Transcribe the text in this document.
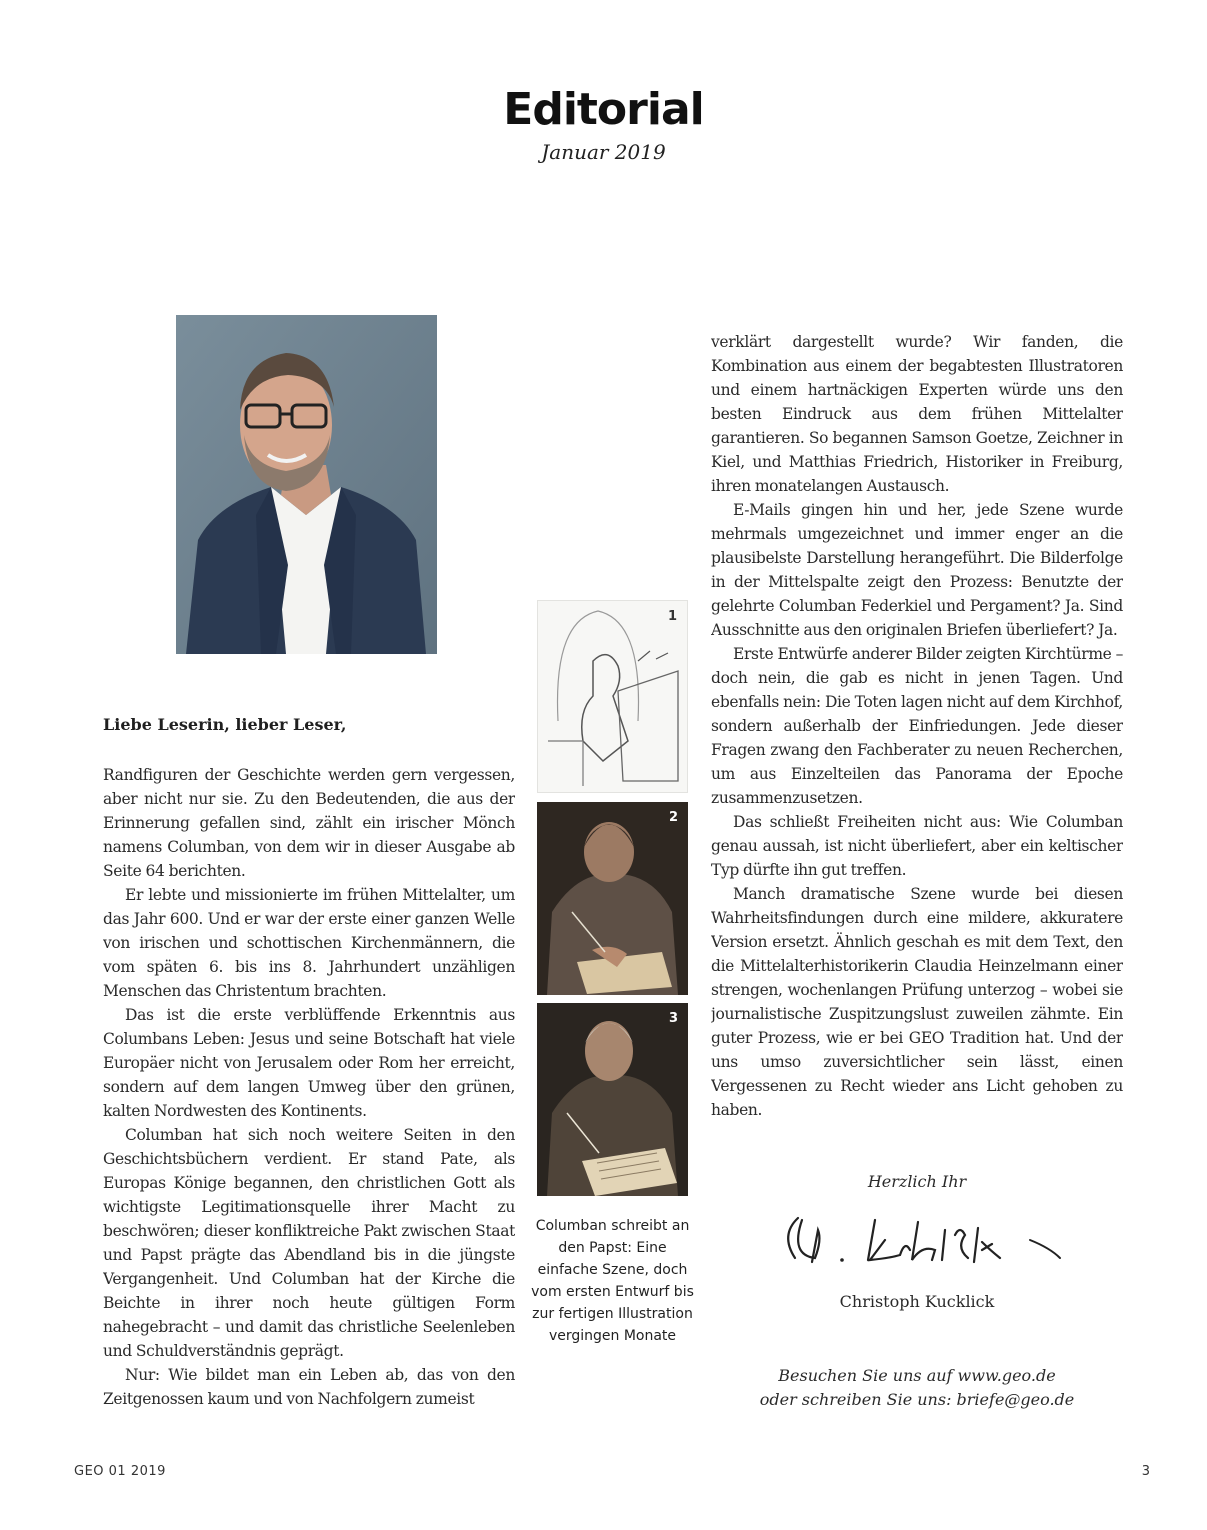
Editorial
Januar 2019
Liebe Leserin, lieber Leser,

Randfiguren der Geschichte werden gern vergessen, aber nicht nur sie. Zu den Bedeutenden, die aus der Erinnerung gefallen sind, zählt ein irischer Mönch namens Columban, von dem wir in dieser Ausgabe ab Seite 64 berichten.

Er lebte und missionierte im frühen Mittelalter, um das Jahr 600. Und er war der erste einer ganzen Welle von irischen und schottischen Kirchenmännern, die vom späten 6. bis ins 8. Jahrhundert unzähligen Menschen das Christentum brachten.

Das ist die erste verblüffende Erkenntnis aus Columbans Leben: Jesus und seine Botschaft hat viele Europäer nicht von Jerusalem oder Rom her erreicht, sondern auf dem langen Umweg über den grünen, kalten Nordwesten des Kontinents.

Columban hat sich noch weitere Seiten in den Geschichtsbüchern verdient. Er stand Pate, als Europas Könige begannen, den christlichen Gott als wichtigste Legitimationsquelle ihrer Macht zu beschwören; dieser konfliktreiche Pakt zwischen Staat und Papst prägte das Abendland bis in die jüngste Vergangenheit. Und Columban hat der Kirche die Beichte in ihrer noch heute gültigen Form nahegebracht – und damit das christliche Seelenleben und Schuldverständnis geprägt.

Nur: Wie bildet man ein Leben ab, das von den Zeitgenossen kaum und von Nachfolgern zumeist

1
2
3
Columban schreibt an den Papst: Eine einfache Szene, doch vom ersten Entwurf bis zur fertigen Illustration vergingen Monate

verklärt dargestellt wurde? Wir fanden, die Kombination aus einem der begabtesten Illustratoren und einem hartnäckigen Experten würde uns den besten Eindruck aus dem frühen Mittelalter garantieren. So begannen Samson Goetze, Zeichner in Kiel, und Matthias Friedrich, Historiker in Freiburg, ihren monatelangen Austausch.

E-Mails gingen hin und her, jede Szene wurde mehrmals umgezeichnet und immer enger an die plausibelste Darstellung herangeführt. Die Bilderfolge in der Mittelspalte zeigt den Prozess: Benutzte der gelehrte Columban Federkiel und Pergament? Ja. Sind Ausschnitte aus den originalen Briefen überliefert? Ja.

Erste Entwürfe anderer Bilder zeigten Kirchtürme – doch nein, die gab es nicht in jenen Tagen. Und ebenfalls nein: Die Toten lagen nicht auf dem Kirchhof, sondern außerhalb der Einfriedungen. Jede dieser Fragen zwang den Fachberater zu neuen Recherchen, um aus Einzelteilen das Panorama der Epoche zusammenzusetzen.

Das schließt Freiheiten nicht aus: Wie Columban genau aussah, ist nicht überliefert, aber ein keltischer Typ dürfte ihn gut treffen.

Manch dramatische Szene wurde bei diesen Wahrheitsfindungen durch eine mildere, akkuratere Version ersetzt. Ähnlich geschah es mit dem Text, den die Mittelalterhistorikerin Claudia Heinzelmann einer strengen, wochenlangen Prüfung unterzog – wobei sie journalistische Zuspitzungslust zuweilen zähmte. Ein guter Prozess, wie er bei GEO Tradition hat. Und der uns umso zuversichtlicher sein lässt, einen Vergessenen zu Recht wieder ans Licht gehoben zu haben.

Herzlich Ihr
Christoph Kucklick
Besuchen Sie uns auf www.geo.de
oder schreiben Sie uns: briefe@geo.de
GEO 01 2019	3
